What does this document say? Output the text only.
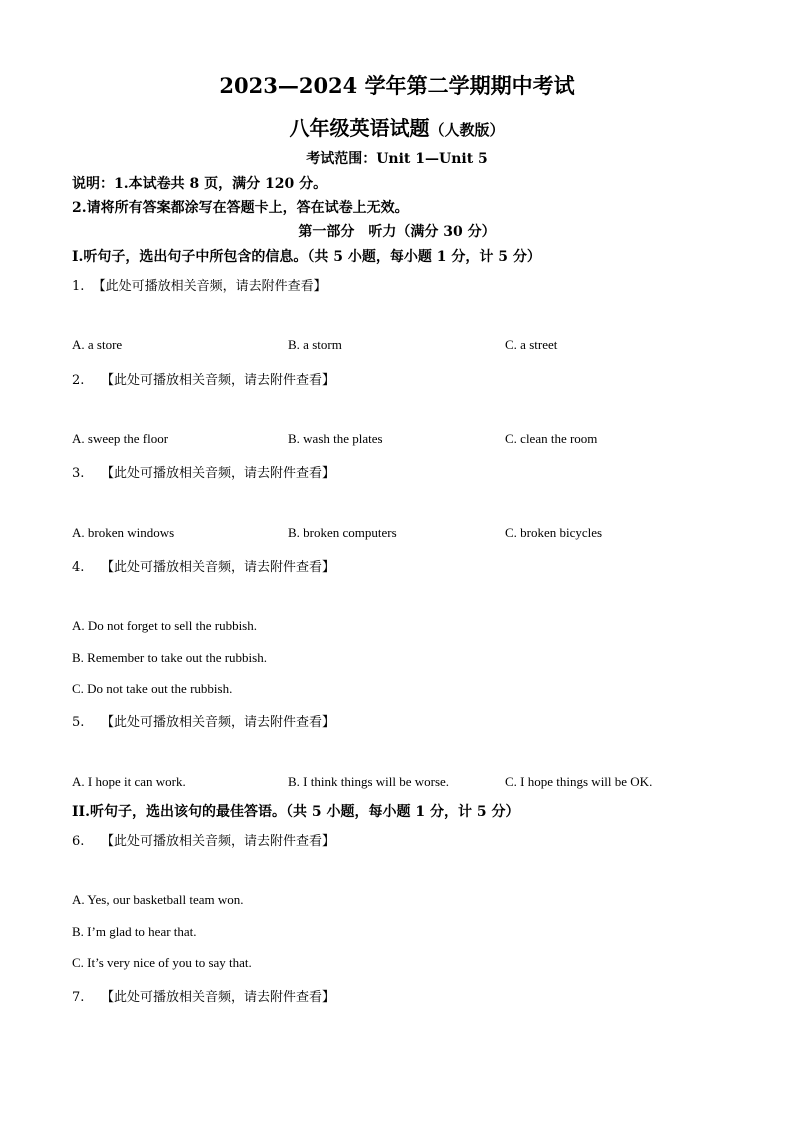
2023—2024 学年第二学期期中考试
八年级英语试题（人教版）
考试范围：Unit 1—Unit 5
说明：1.本试卷共 8 页，满分 120 分。
2.请将所有答案都涂写在答题卡上，答在试卷上无效。
第一部分　听力（满分 30 分）
I.听句子，选出句子中所包含的信息。（共 5 小题，每小题 1 分，计 5 分）
1. 【此处可播放相关音频，请去附件查看】
A. a store	B. a storm	C. a street
2. 【此处可播放相关音频，请去附件查看】
A. sweep the floor	B. wash the plates	C. clean the room
3. 【此处可播放相关音频，请去附件查看】
A. broken windows	B. broken computers	C. broken bicycles
4. 【此处可播放相关音频，请去附件查看】
A. Do not forget to sell the rubbish.
B. Remember to take out the rubbish.
C. Do not take out the rubbish.
5. 【此处可播放相关音频，请去附件查看】
A. I hope it can work.	B. I think things will be worse.	C. I hope things will be OK.
II.听句子，选出该句的最佳答语。（共 5 小题，每小题 1 分，计 5 分）
6. 【此处可播放相关音频，请去附件查看】
A. Yes, our basketball team won.
B. I’m glad to hear that.
C. It’s very nice of you to say that.
7. 【此处可播放相关音频，请去附件查看】
